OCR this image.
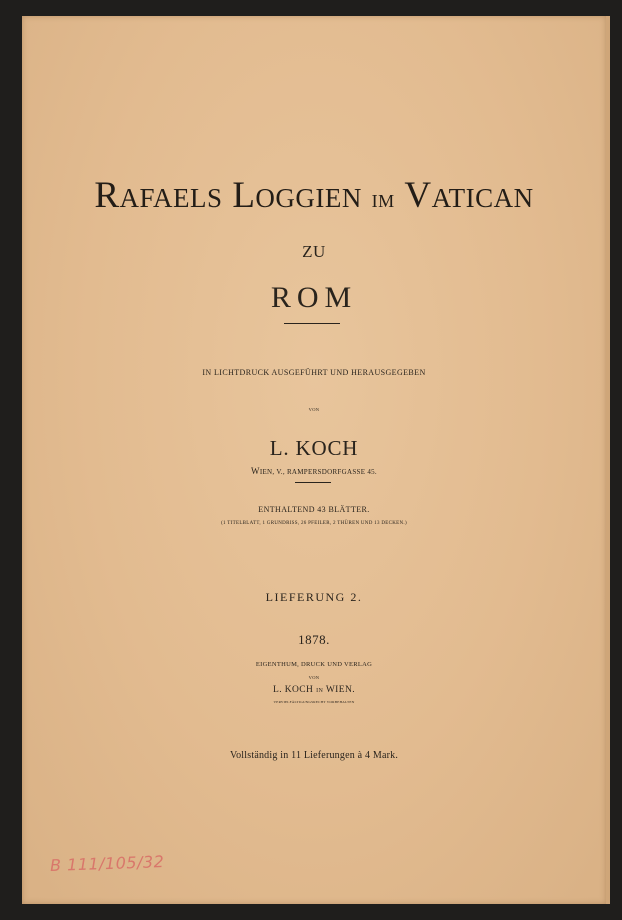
RAFAELS LOGGIEN IM VATICAN
ZU
ROM
IN LICHTDRUCK AUSGEFÜHRT UND HERAUSGEGEBEN
VON
L. KOCH
WIEN, V., RAMPERSDORFGASSE 45.
ENTHALTEND 43 BLÄTTER.
(1 TITELBLATT, 1 GRUNDRISS, 26 PFEILER, 2 THÜREN UND 13 DECKEN.)
LIEFERUNG 2.
1878.
EIGENTHUM, DRUCK UND VERLAG
VON
L. KOCH IN WIEN.
VERVIELFÄLTIGUNGSRECHT VORBEHALTEN
Vollständig in 11 Lieferungen à 4 Mark.
B 111/105/32
